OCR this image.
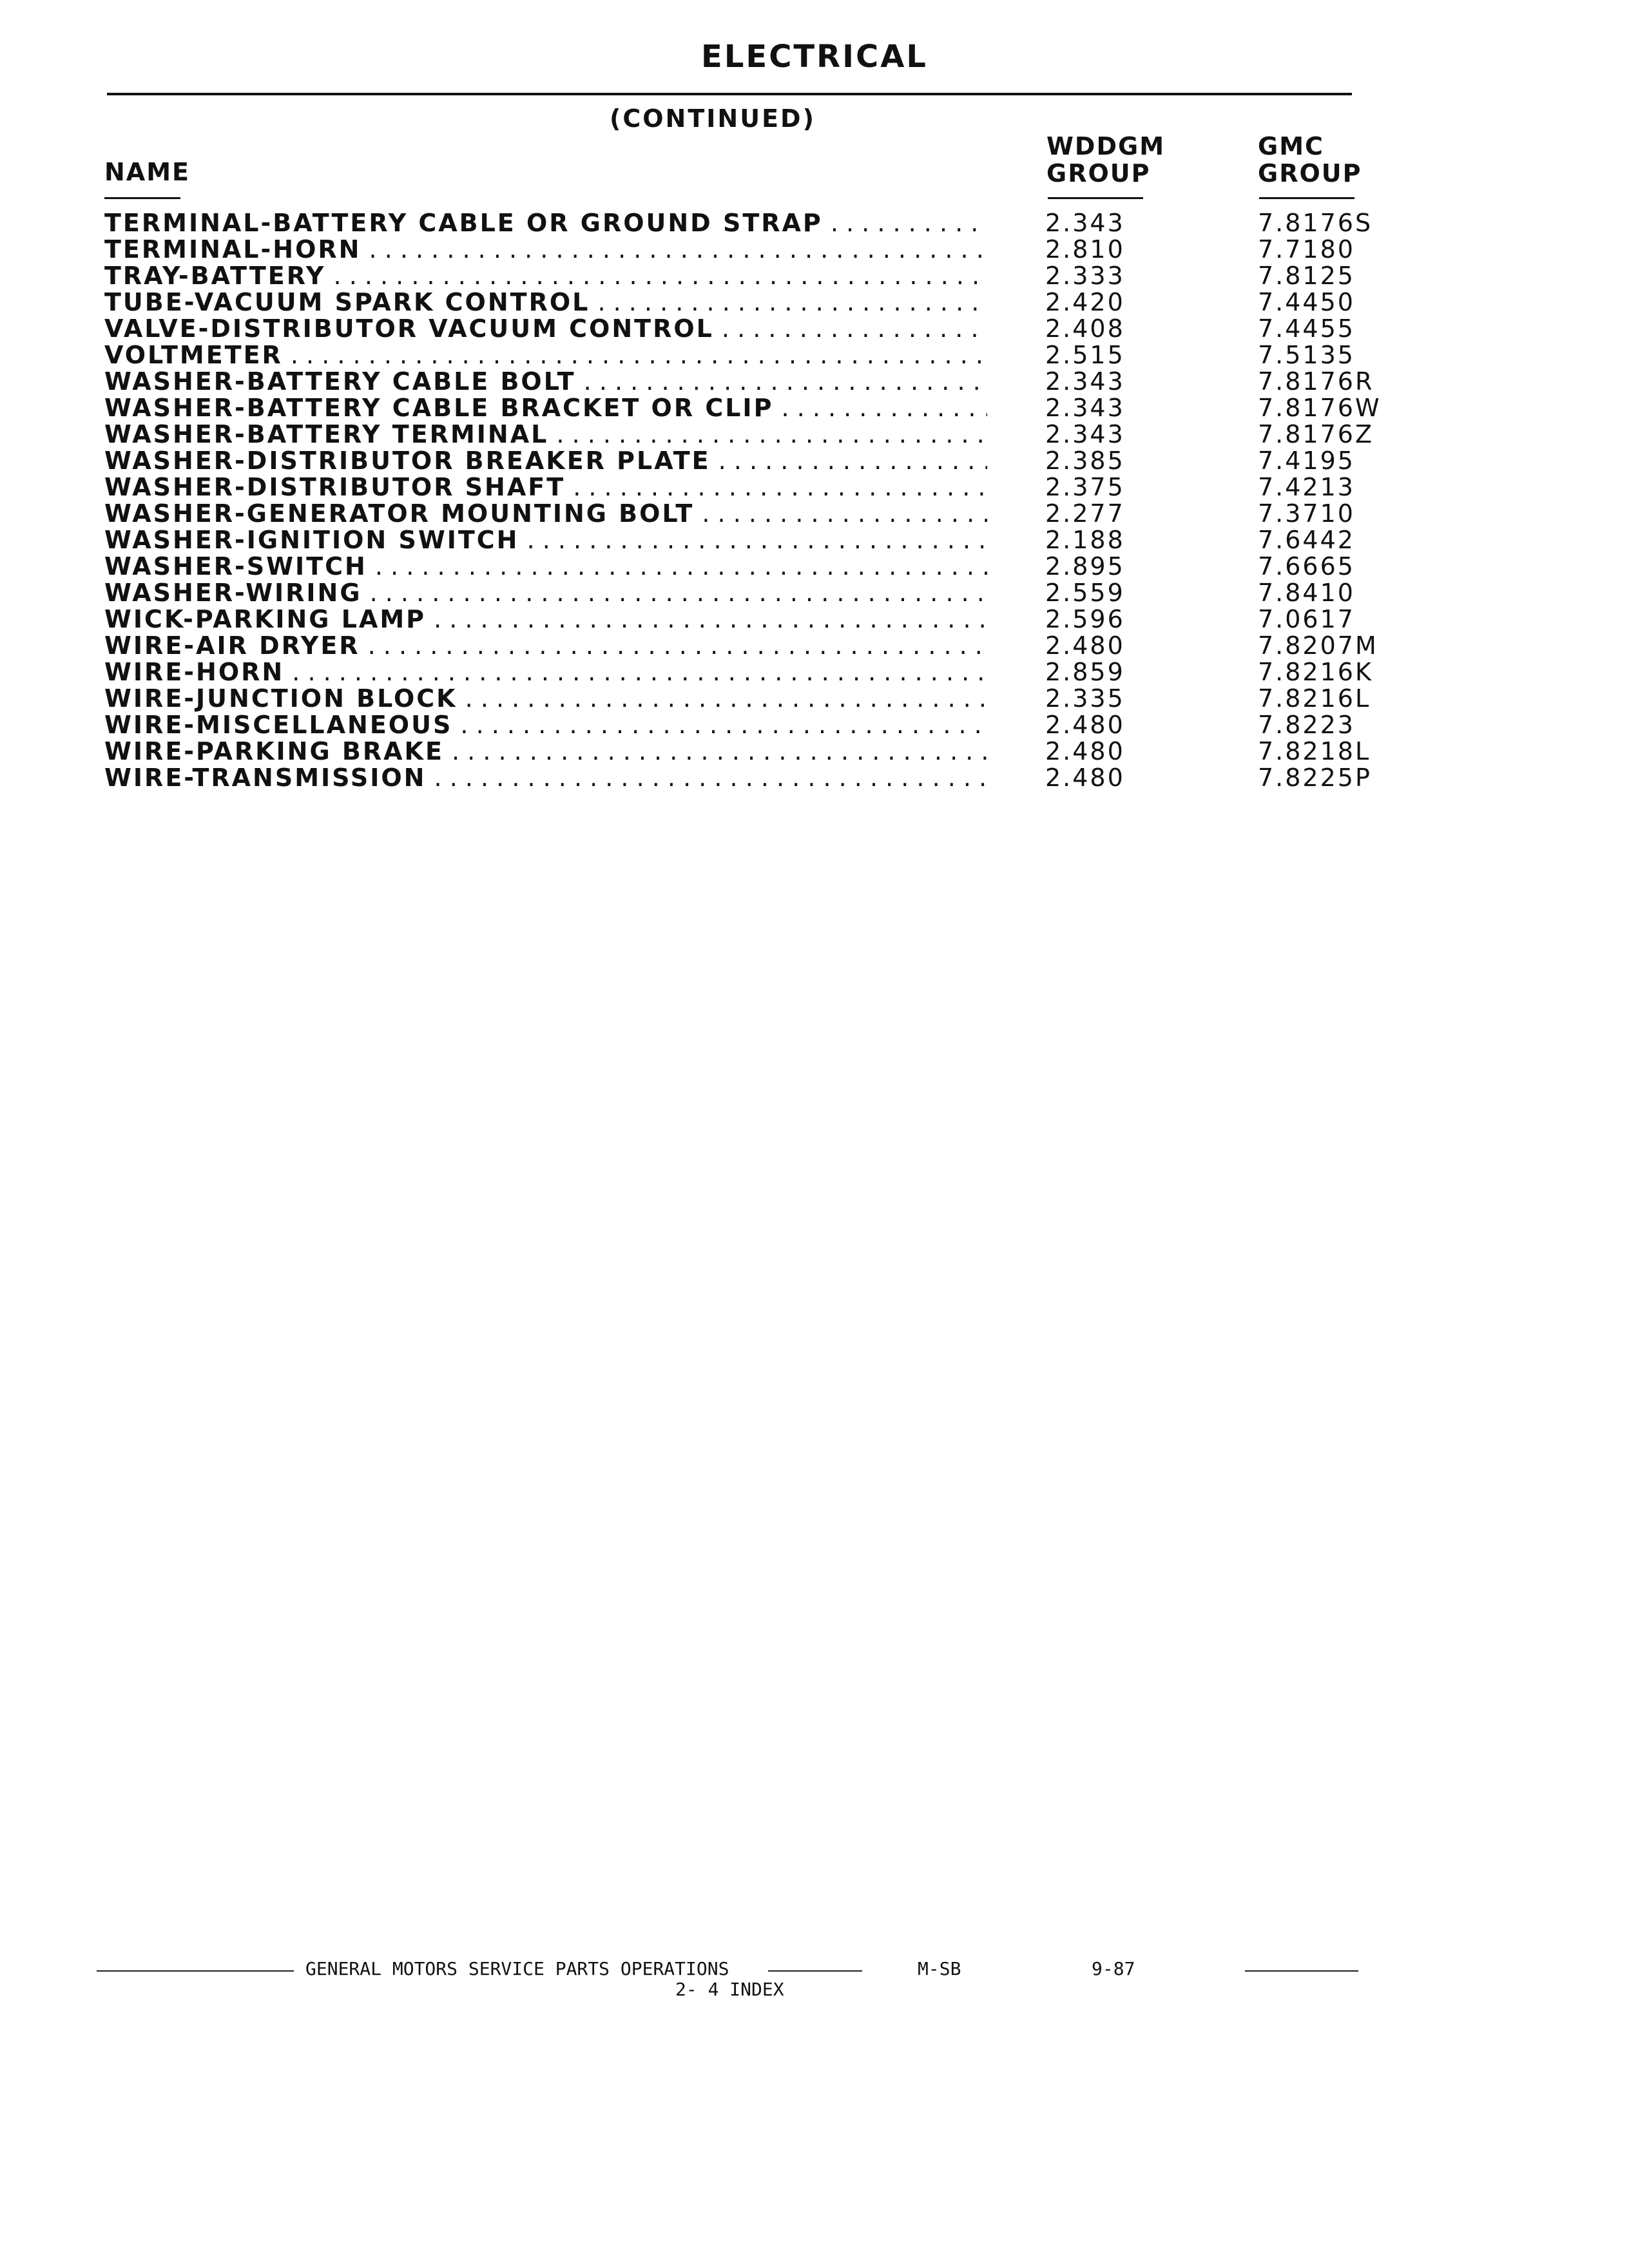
ELECTRICAL
(CONTINUED)
NAME
WDDGM
GROUP
GMC
GROUP
TERMINAL-BATTERY CABLE OR GROUND STRAP . . .	2.343	7.8176S
TERMINAL-HORN . . .	2.810	7.7180
TRAY-BATTERY . . .	2.333	7.8125
TUBE-VACUUM SPARK CONTROL . . .	2.420	7.4450
VALVE-DISTRIBUTOR VACUUM CONTROL . . .	2.408	7.4455
VOLTMETER . . .	2.515	7.5135
WASHER-BATTERY CABLE BOLT . . .	2.343	7.8176R
WASHER-BATTERY CABLE BRACKET OR CLIP . . .	2.343	7.8176W
WASHER-BATTERY TERMINAL . . .	2.343	7.8176Z
WASHER-DISTRIBUTOR BREAKER PLATE . . .	2.385	7.4195
WASHER-DISTRIBUTOR SHAFT . . .	2.375	7.4213
WASHER-GENERATOR MOUNTING BOLT . . .	2.277	7.3710
WASHER-IGNITION SWITCH . . .	2.188	7.6442
WASHER-SWITCH . . .	2.895	7.6665
WASHER-WIRING . . .	2.559	7.8410
WICK-PARKING LAMP . . .	2.596	7.0617
WIRE-AIR DRYER . . .	2.480	7.8207M
WIRE-HORN . . .	2.859	7.8216K
WIRE-JUNCTION BLOCK . . .	2.335	7.8216L
WIRE-MISCELLANEOUS . . .	2.480	7.8223
WIRE-PARKING BRAKE . . .	2.480	7.8218L
WIRE-TRANSMISSION . . .	2.480	7.8225P
GENERAL MOTORS SERVICE PARTS OPERATIONS	M-SB	9-87
2- 4 INDEX
